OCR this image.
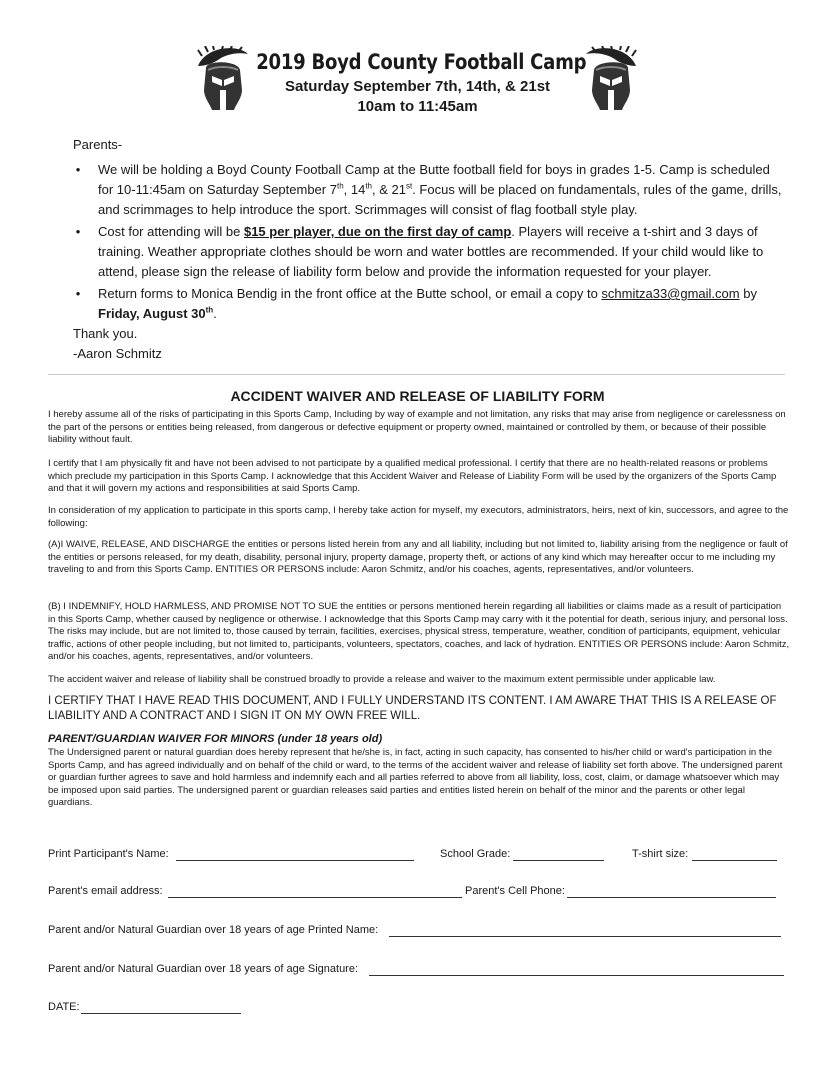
2019 Boyd County Football Camp
Saturday September 7th, 14th, & 21st
10am to 11:45am
Parents-
• We will be holding a Boyd County Football Camp at the Butte football field for boys in grades 1-5. Camp is scheduled for 10-11:45am on Saturday September 7th, 14th, & 21st. Focus will be placed on fundamentals, rules of the game, drills, and scrimmages to help introduce the sport. Scrimmages will consist of flag football style play.
• Cost for attending will be $15 per player, due on the first day of camp. Players will receive a t-shirt and 3 days of training. Weather appropriate clothes should be worn and water bottles are recommended. If your child would like to attend, please sign the release of liability form below and provide the information requested for your player.
• Return forms to Monica Bendig in the front office at the Butte school, or email a copy to schmitza33@gmail.com by Friday, August 30th.
Thank you.
-Aaron Schmitz
ACCIDENT WAIVER AND RELEASE OF LIABILITY FORM

I hereby assume all of the risks of participating in this Sports Camp, Including by way of example and not limitation, any risks that may arise from negligence or carelessness on the part of the persons or entities being released, from dangerous or defective equipment or property owned, maintained or controlled by them, or because of their possible liability without fault.

I certify that I am physically fit and have not been advised to not participate by a qualified medical professional. I certify that there are no health-related reasons or problems which preclude my participation in this Sports Camp. I acknowledge that this Accident Waiver and Release of Liability Form will be used by the organizers of the Sports Camp and that it will govern my actions and responsibilities at said Sports Camp.

In consideration of my application to participate in this sports camp, I hereby take action for myself, my executors, administrators, heirs, next of kin, successors, and agree to the following:

(A)I WAIVE, RELEASE, AND DISCHARGE the entities or persons listed herein from any and all liability, including but not limited to, liability arising from the negligence or fault of the entities or persons released, for my death, disability, personal injury, property damage, property theft, or actions of any kind which may hereafter occur to me including my traveling to and from this Sports Camp. ENTITIES OR PERSONS include: Aaron Schmitz, and/or his coaches, agents, representatives, and/or volunteers.

(B) I INDEMNIFY, HOLD HARMLESS, AND PROMISE NOT TO SUE the entities or persons mentioned herein regarding all liabilities or claims made as a result of participation in this Sports Camp, whether caused by negligence or otherwise. I acknowledge that this Sports Camp may carry with it the potential for death, serious injury, and personal loss. The risks may include, but are not limited to, those caused by terrain, facilities, exercises, physical stress, temperature, weather, condition of participants, equipment, vehicular traffic, actions of other people including, but not limited to, participants, volunteers, spectators, coaches, and lack of hydration. ENTITIES OR PERSONS include: Aaron Schmitz, and/or his coaches, agents, representatives, and/or volunteers.

The accident waiver and release of liability shall be construed broadly to provide a release and waiver to the maximum extent permissible under applicable law.

I CERTIFY THAT I HAVE READ THIS DOCUMENT, AND I FULLY UNDERSTAND ITS CONTENT. I AM AWARE THAT THIS IS A RELEASE OF LIABILITY AND A CONTRACT AND I SIGN IT ON MY OWN FREE WILL.

PARENT/GUARDIAN WAIVER FOR MINORS (under 18 years old)

The Undersigned parent or natural guardian does hereby represent that he/she is, in fact, acting in such capacity, has consented to his/her child or ward's participation in the Sports Camp, and has agreed individually and on behalf of the child or ward, to the terms of the accident waiver and release of liability set forth above. The undersigned parent or guardian further agrees to save and hold harmless and indemnify each and all parties referred to above from all liability, loss, cost, claim, or damage whatsoever which may be imposed upon said parties. The undersigned parent or guardian releases said parties and entities listed herein on behalf of the minor and the parents or other legal guardians.

Print Participant's Name:	School Grade:	T-shirt size:
Parent's email address:	Parent's Cell Phone:
Parent and/or Natural Guardian over 18 years of age Printed Name:
Parent and/or Natural Guardian over 18 years of age Signature:
DATE:
